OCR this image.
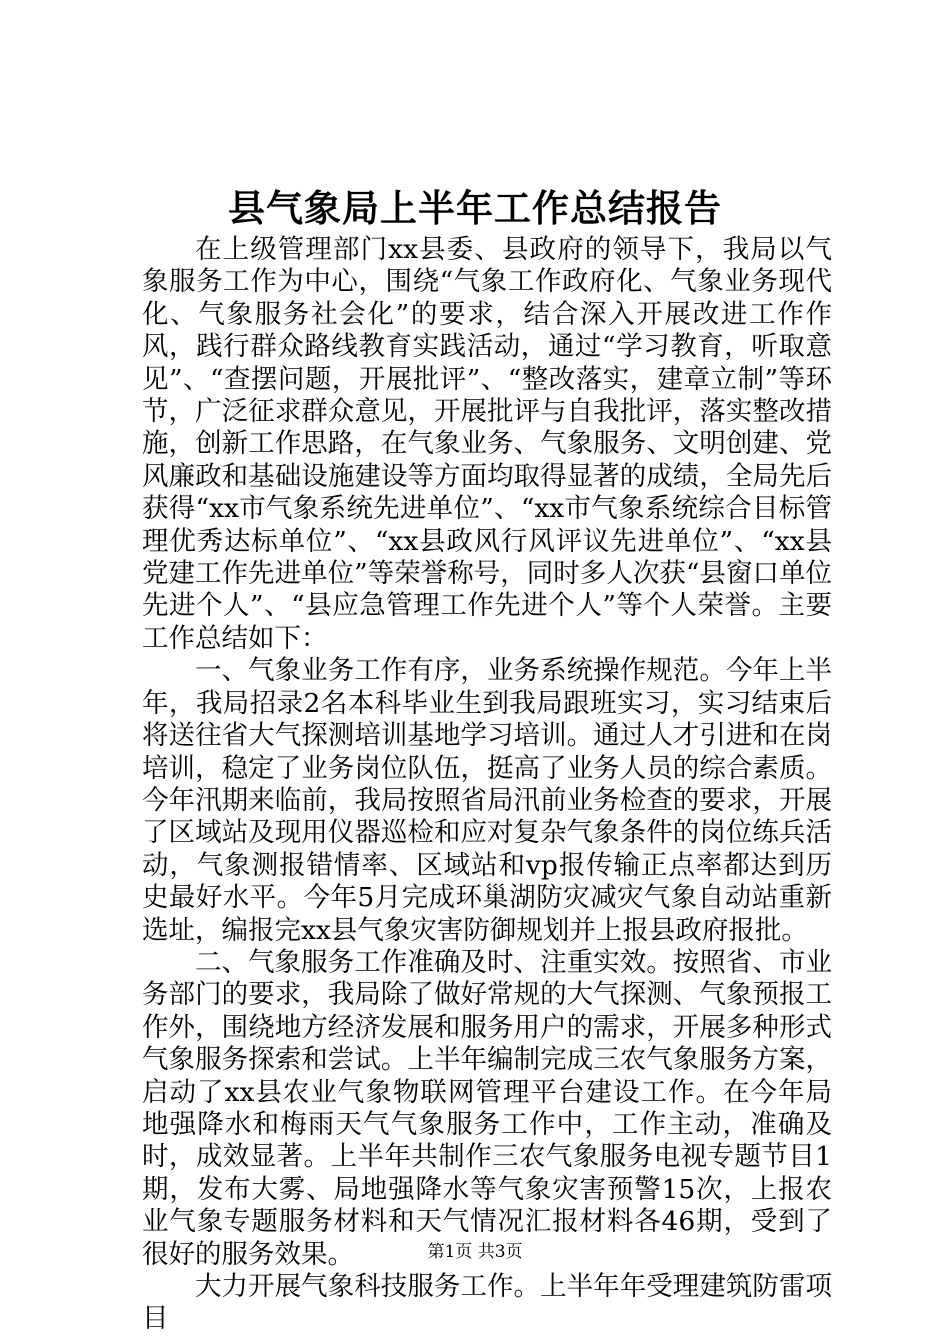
县气象局上半年工作总结报告

在上级管理部门xx县委、县政府的领导下，我局以气象服务工作为中心，围绕“气象工作政府化、气象业务现代化、气象服务社会化”的要求，结合深入开展改进工作作风，践行群众路线教育实践活动，通过“学习教育，听取意见”、“查摆问题，开展批评”、“整改落实，建章立制”等环节，广泛征求群众意见，开展批评与自我批评，落实整改措施，创新工作思路，在气象业务、气象服务、文明创建、党风廉政和基础设施建设等方面均取得显著的成绩，全局先后获得“xx市气象系统先进单位”、“xx市气象系统综合目标管理优秀达标单位”、“xx县政风行风评议先进单位”、“xx县党建工作先进单位”等荣誉称号，同时多人次获“县窗口单位先进个人”、“县应急管理工作先进个人”等个人荣誉。主要工作总结如下：

一、气象业务工作有序，业务系统操作规范。今年上半年，我局招录2名本科毕业生到我局跟班实习，实习结束后将送往省大气探测培训基地学习培训。通过人才引进和在岗培训，稳定了业务岗位队伍，挺高了业务人员的综合素质。今年汛期来临前，我局按照省局汛前业务检查的要求，开展了区域站及现用仪器巡检和应对复杂气象条件的岗位练兵活动，气象测报错情率、区域站和vp报传输正点率都达到历史最好水平。今年5月完成环巢湖防灾减灾气象自动站重新选址，编报完xx县气象灾害防御规划并上报县政府报批。

二、气象服务工作准确及时、注重实效。按照省、市业务部门的要求，我局除了做好常规的大气探测、气象预报工作外，围绕地方经济发展和服务用户的需求，开展多种形式气象服务探索和尝试。上半年编制完成三农气象服务方案，启动了xx县农业气象物联网管理平台建设工作。在今年局地强降水和梅雨天气气象服务工作中，工作主动，准确及时，成效显著。上半年共制作三农气象服务电视专题节目1期，发布大雾、局地强降水等气象灾害预警15次，上报农业气象专题服务材料和天气情况汇报材料各46期，受到了很好的服务效果。

大力开展气象科技服务工作。上半年年受理建筑防雷项目

第1页 共3页
